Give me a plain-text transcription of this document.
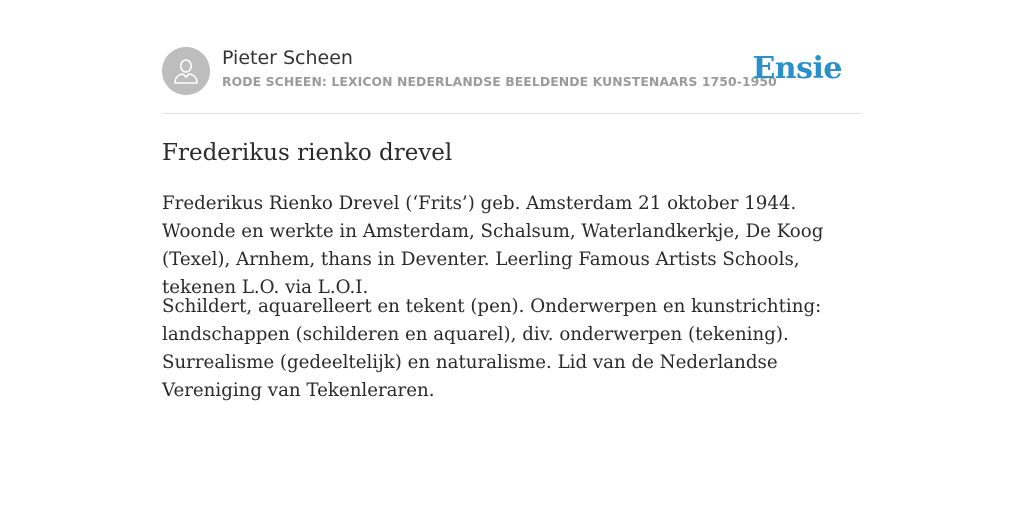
Pieter Scheen
RODE SCHEEN: LEXICON NEDERLANDSE BEELDENDE KUNSTENAARS 1750-1950
Ensie
Frederikus rienko drevel

Frederikus Rienko Drevel (‘Frits’) geb. Amsterdam 21 oktober 1944. Woonde en werkte in Amsterdam, Schalsum, Waterlandkerkje, De Koog (Texel), Arnhem, thans in Deventer. Leerling Famous Artists Schools, tekenen L.O. via L.O.I.

Schildert, aquarelleert en tekent (pen). Onderwerpen en kunstrichting: landschappen (schilderen en aquarel), div. onderwerpen (tekening). Surrealisme (gedeeltelijk) en naturalisme. Lid van de Nederlandse Vereniging van Tekenleraren.
